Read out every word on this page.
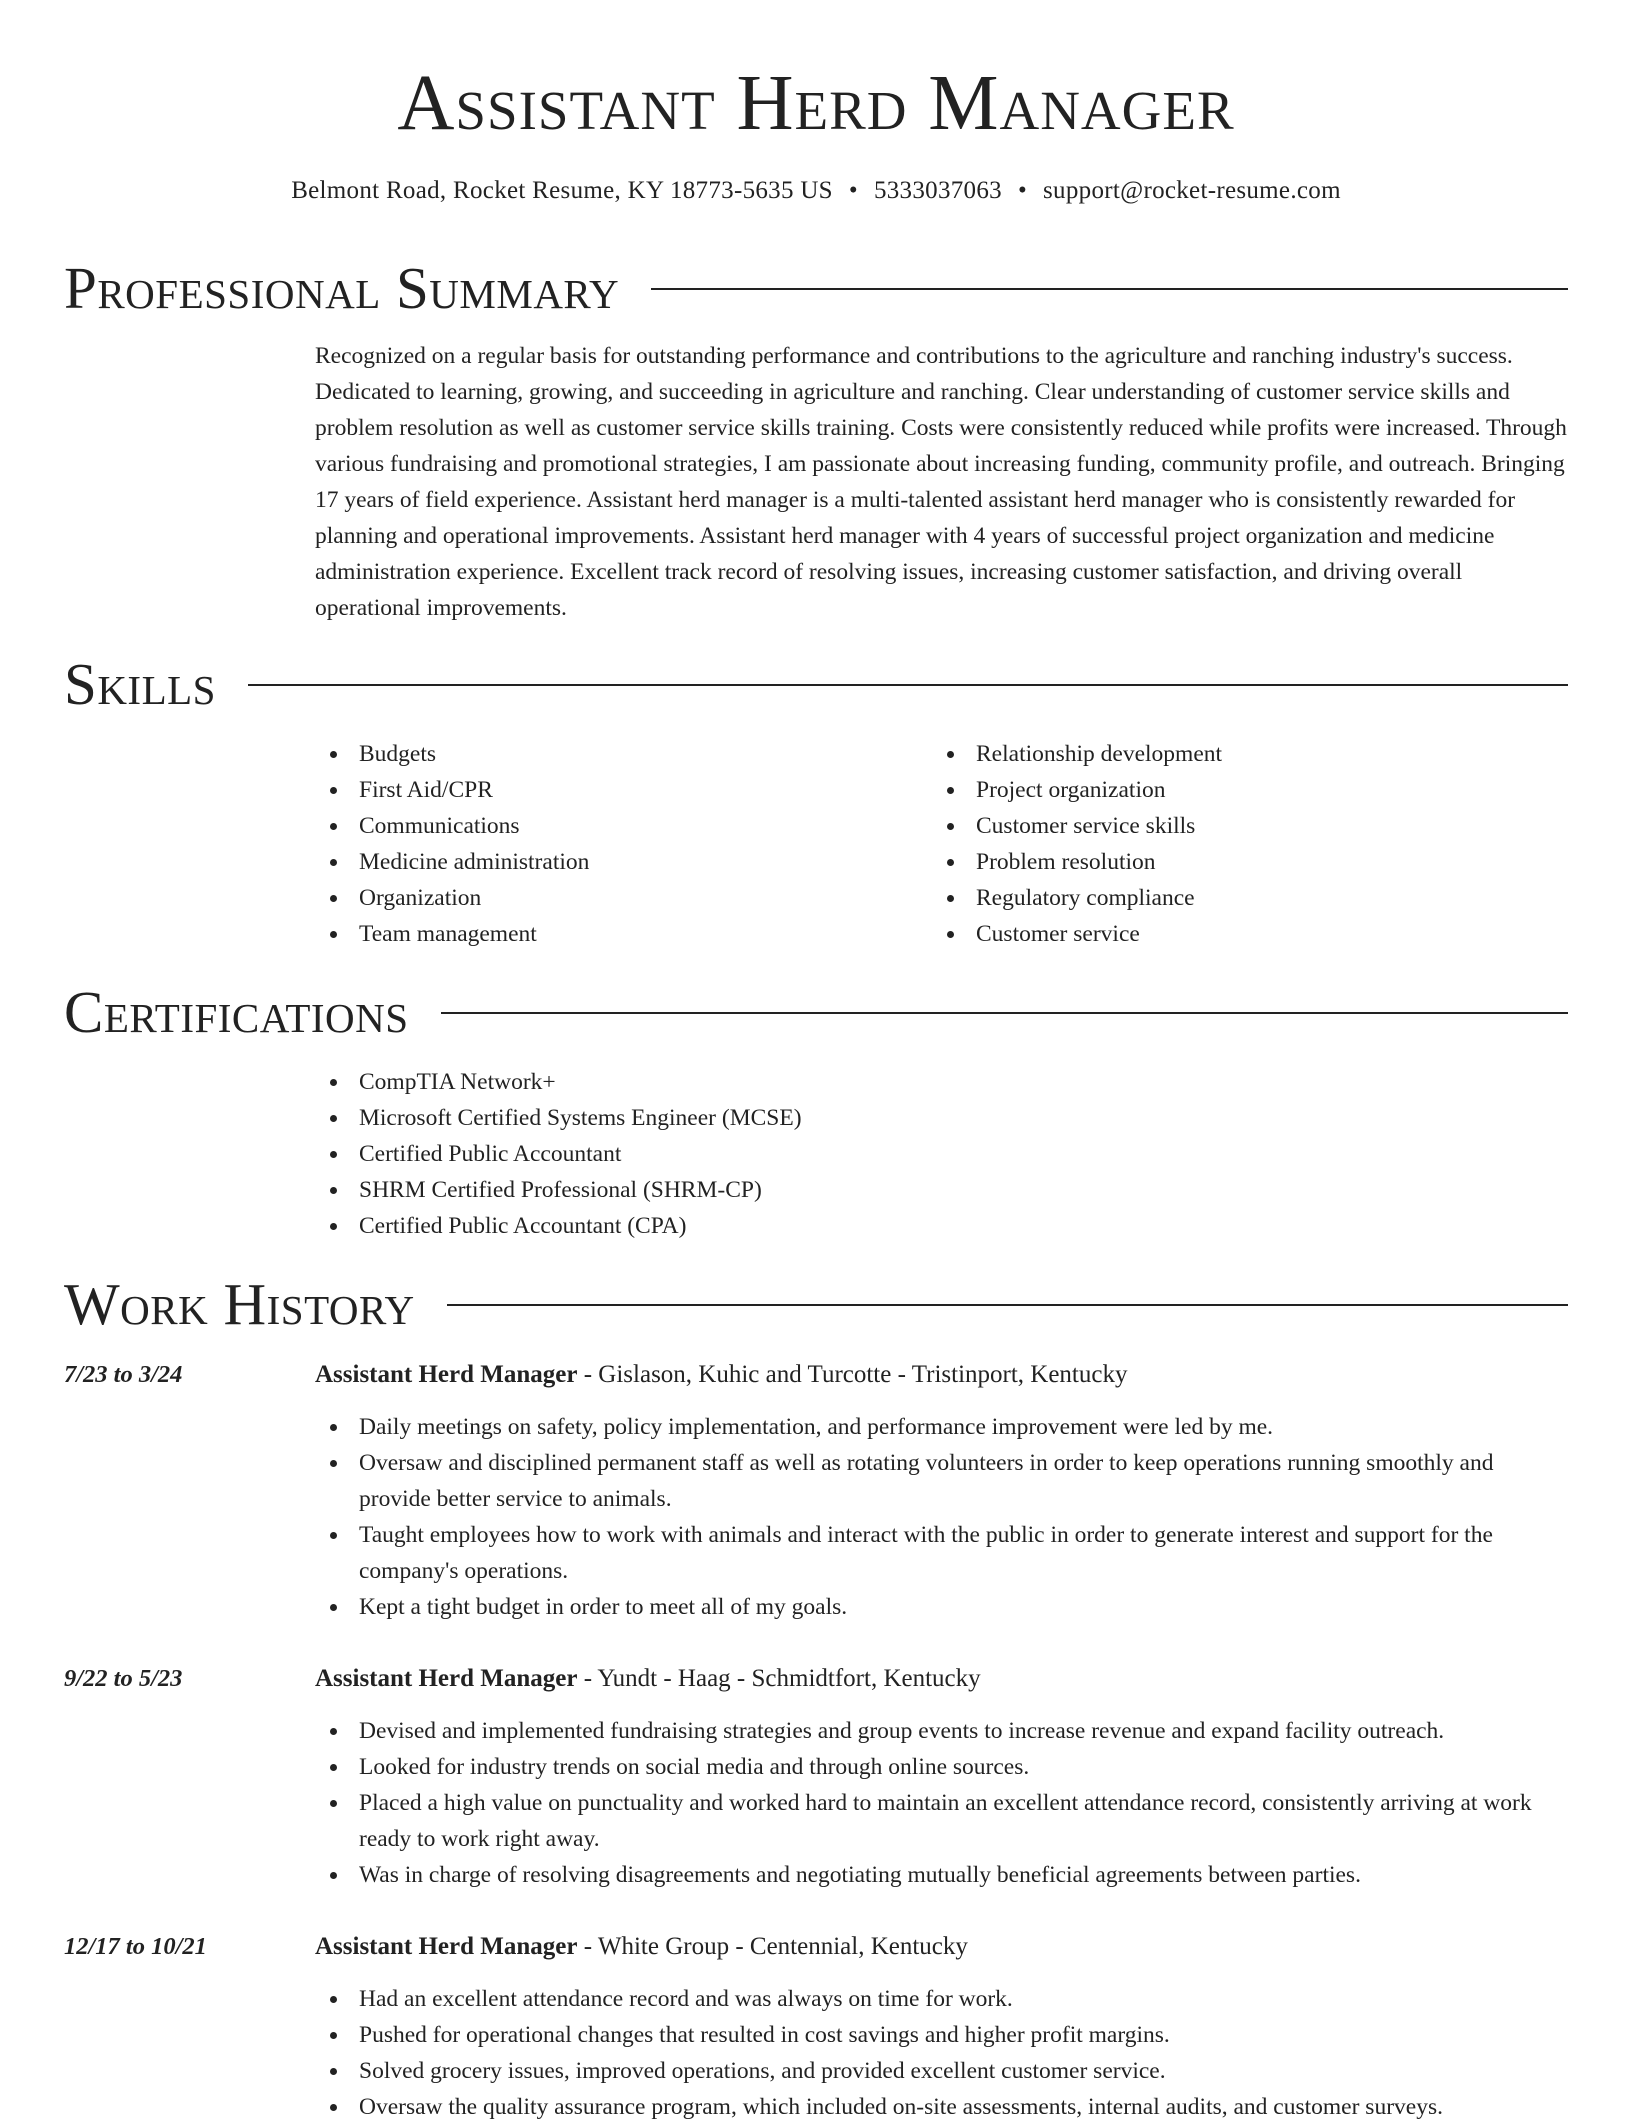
Assistant Herd Manager
Belmont Road, Rocket Resume, KY 18773-5635 US • 5333037063 • support@rocket-resume.com
Professional Summary

Recognized on a regular basis for outstanding performance and contributions to the agriculture and ranching industry's success. Dedicated to learning, growing, and succeeding in agriculture and ranching. Clear understanding of customer service skills and problem resolution as well as customer service skills training. Costs were consistently reduced while profits were increased. Through various fundraising and promotional strategies, I am passionate about increasing funding, community profile, and outreach. Bringing 17 years of field experience. Assistant herd manager is a multi-talented assistant herd manager who is consistently rewarded for planning and operational improvements. Assistant herd manager with 4 years of successful project organization and medicine administration experience. Excellent track record of resolving issues, increasing customer satisfaction, and driving overall operational improvements.

Skills
Budgets
First Aid/CPR
Communications
Medicine administration
Organization
Team management
Relationship development
Project organization
Customer service skills
Problem resolution
Regulatory compliance
Customer service
Certifications
CompTIA Network+
Microsoft Certified Systems Engineer (MCSE)
Certified Public Accountant
SHRM Certified Professional (SHRM-CP)
Certified Public Accountant (CPA)
Work History
7/23 to 3/24	Assistant Herd Manager - Gislason, Kuhic and Turcotte - Tristinport, Kentucky
Daily meetings on safety, policy implementation, and performance improvement were led by me.
Oversaw and disciplined permanent staff as well as rotating volunteers in order to keep operations running smoothly and provide better service to animals.
Taught employees how to work with animals and interact with the public in order to generate interest and support for the company's operations.
Kept a tight budget in order to meet all of my goals.
9/22 to 5/23	Assistant Herd Manager - Yundt - Haag - Schmidtfort, Kentucky
Devised and implemented fundraising strategies and group events to increase revenue and expand facility outreach.
Looked for industry trends on social media and through online sources.
Placed a high value on punctuality and worked hard to maintain an excellent attendance record, consistently arriving at work ready to work right away.
Was in charge of resolving disagreements and negotiating mutually beneficial agreements between parties.
12/17 to 10/21	Assistant Herd Manager - White Group - Centennial, Kentucky
Had an excellent attendance record and was always on time for work.
Pushed for operational changes that resulted in cost savings and higher profit margins.
Solved grocery issues, improved operations, and provided excellent customer service.
Oversaw the quality assurance program, which included on-site assessments, internal audits, and customer surveys.
